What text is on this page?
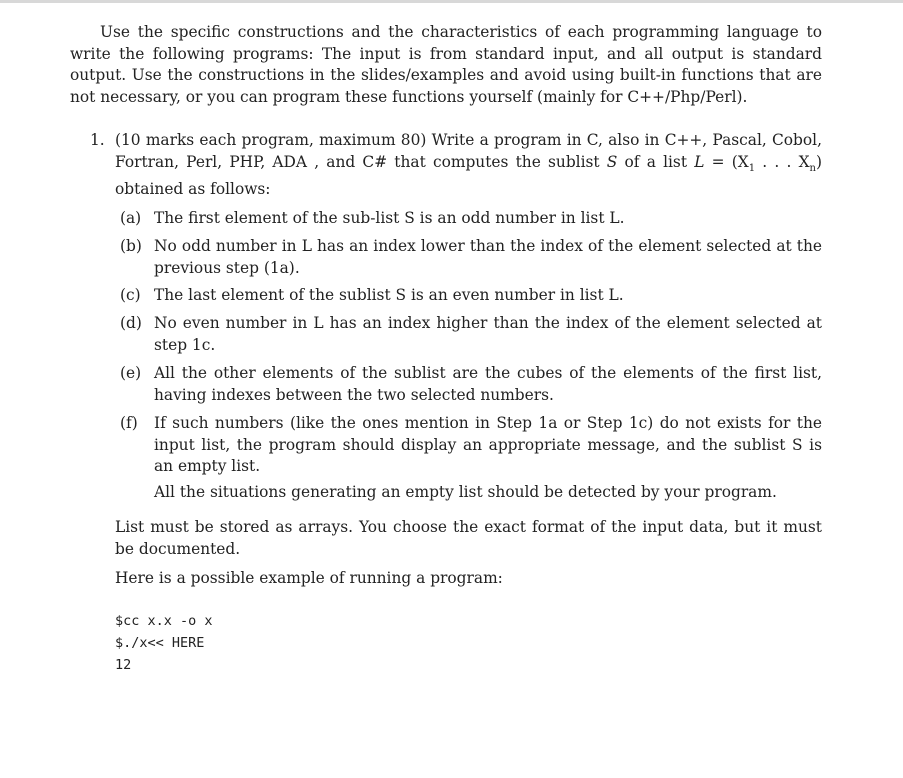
Use the specific constructions and the characteristics of each programming language to write the following programs: The input is from standard input, and all output is standard output. Use the constructions in the slides/examples and avoid using built-in functions that are not necessary, or you can program these functions yourself (mainly for C++/Php/Perl).

1. (10 marks each program, maximum 80) Write a program in C, also in C++, Pascal, Cobol, Fortran, Perl, PHP, ADA , and C# that computes the sublist S of a list $L = (X_1$ . . . $X_n$) obtained as follows:
(a) The first element of the sub-list S is an odd number in list L.
(b) No odd number in L has an index lower than the index of the element selected at the previous step (1a).
(c) The last element of the sublist S is an even number in list L.
(d) No even number in L has an index higher than the index of the element selected at step 1c.
(e) All the other elements of the sublist are the cubes of the elements of the first list, having indexes between the two selected numbers.
(f)	If such numbers (like the ones mention in Step 1a or Step 1c) do not exists for the input list, the program should display an appropriate message, and the sublist S is an empty list.
All the situations generating an empty list should be detected by your program.
List must be stored as arrays. You choose the exact format of the input data, but it must be documented.
Here is a possible example of running a program:
$cc x.x -o x
$./x<< HERE
12
